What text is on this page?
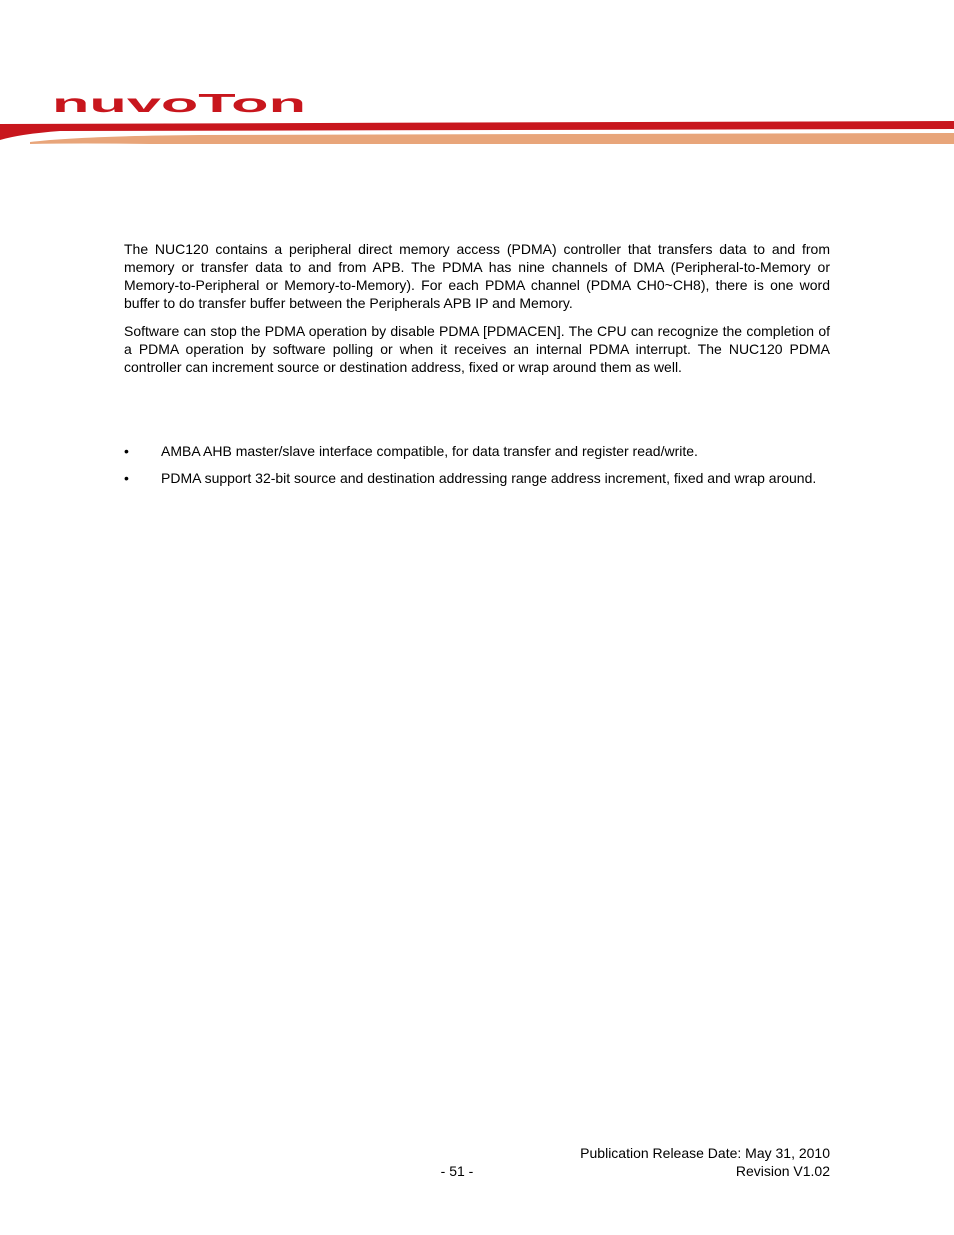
nuvoTon

The NUC120 contains a peripheral direct memory access (PDMA) controller that transfers data to and from memory or transfer data to and from APB. The PDMA has nine channels of DMA (Peripheral-to-Memory or Memory-to-Peripheral or Memory-to-Memory). For each PDMA channel (PDMA CH0~CH8), there is one word buffer to do transfer buffer between the Peripherals APB IP and Memory.

Software can stop the PDMA operation by disable PDMA [PDMACEN]. The CPU can recognize the completion of a PDMA operation by software polling or when it receives an internal PDMA interrupt. The NUC120 PDMA controller can increment source or destination address, fixed or wrap around them as well.

• AMBA AHB master/slave interface compatible, for data transfer and register read/write.
• PDMA support 32-bit source and destination addressing range address increment, fixed and wrap around.
Publication Release Date: May 31, 2010
- 51 -	Revision V1.02
